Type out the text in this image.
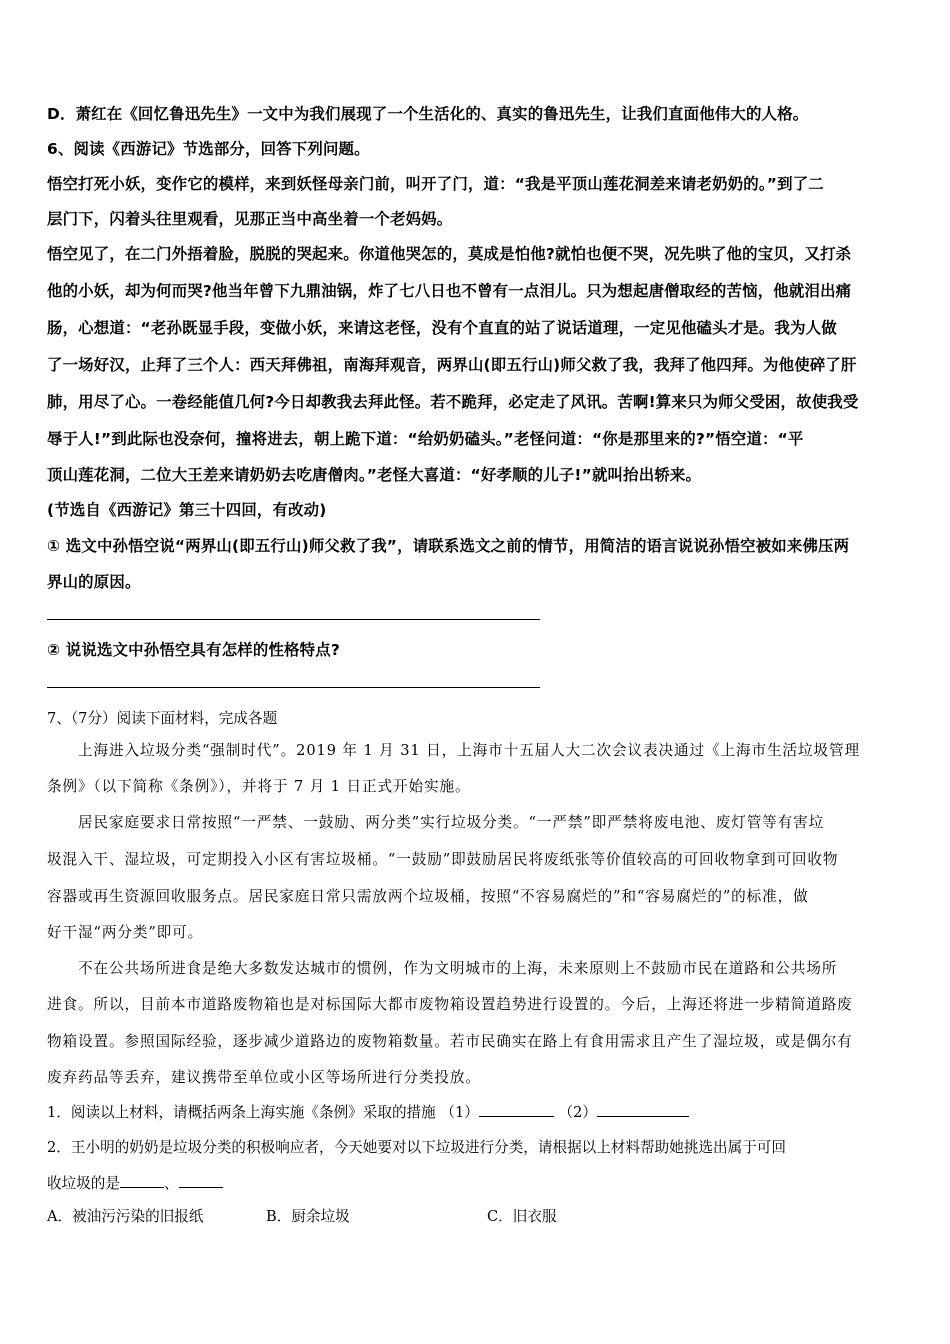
D．萧红在《回忆鲁迅先生》一文中为我们展现了一个生活化的、真实的鲁迅先生，让我们直面他伟大的人格。
6、阅读《西游记》节选部分，回答下列问题。
悟空打死小妖，变作它的模样，来到妖怪母亲门前，叫开了门，道：“我是平顶山莲花洞差来请老奶奶的。”到了二
层门下，闪着头往里观看，见那正当中高坐着一个老妈妈。
悟空见了，在二门外捂着脸，脱脱的哭起来。你道他哭怎的，莫成是怕他?就怕也便不哭，况先哄了他的宝贝，又打杀
他的小妖，却为何而哭?他当年曾下九鼎油锅，炸了七八日也不曾有一点泪儿。只为想起唐僧取经的苦恼，他就泪出痛
肠，心想道：“老孙既显手段，变做小妖，来请这老怪，没有个直直的站了说话道理，一定见他磕头才是。我为人做
了一场好汉，止拜了三个人：西天拜佛祖，南海拜观音，两界山(即五行山)师父救了我，我拜了他四拜。为他使碎了肝
肺，用尽了心。一卷经能值几何?今日却教我去拜此怪。若不跪拜，必定走了风讯。苦啊!算来只为师父受困，故使我受
辱于人!”到此际也没奈何，撞将进去，朝上跪下道：“给奶奶磕头。”老怪问道：“你是那里来的?”悟空道：“平
顶山莲花洞，二位大王差来请奶奶去吃唐僧肉。”老怪大喜道：“好孝顺的儿子!”就叫抬出轿来。
(节选自《西游记》第三十四回，有改动)
① 选文中孙悟空说“两界山(即五行山)师父救了我”，请联系选文之前的情节，用简洁的语言说说孙悟空被如来佛压两
界山的原因。
② 说说选文中孙悟空具有怎样的性格特点?
7、（7分）阅读下面材料，完成各题
上海进入垃圾分类“强制时代”。2019 年 1 月 31 日，上海市十五届人大二次会议表决通过《上海市生活垃圾管理
条例》（以下简称《条例》），并将于 7 月 1 日正式开始实施。
居民家庭要求日常按照“一严禁、一鼓励、两分类”实行垃圾分类。“一严禁”即严禁将废电池、废灯管等有害垃
圾混入干、湿垃圾，可定期投入小区有害垃圾桶。“一鼓励”即鼓励居民将废纸张等价值较高的可回收物拿到可回收物
容器或再生资源回收服务点。居民家庭日常只需放两个垃圾桶，按照“不容易腐烂的”和“容易腐烂的”的标准，做
好干湿“两分类”即可。
不在公共场所进食是绝大多数发达城市的惯例，作为文明城市的上海，未来原则上不鼓励市民在道路和公共场所
进食。所以，目前本市道路废物箱也是对标国际大都市废物箱设置趋势进行设置的。今后，上海还将进一步精简道路废
物箱设置。参照国际经验，逐步减少道路边的废物箱数量。若市民确实在路上有食用需求且产生了湿垃圾，或是偶尔有
废弃药品等丢弃，建议携带至单位或小区等场所进行分类投放。
1．阅读以上材料，请概括两条上海实施《条例》采取的措施 （1）	（2）
2．王小明的奶奶是垃圾分类的积极响应者，今天她要对以下垃圾进行分类，请根据以上材料帮助她挑选出属于可回
收垃圾的是	、
A．被油污污染的旧报纸	B．厨余垃圾	C．旧衣服
